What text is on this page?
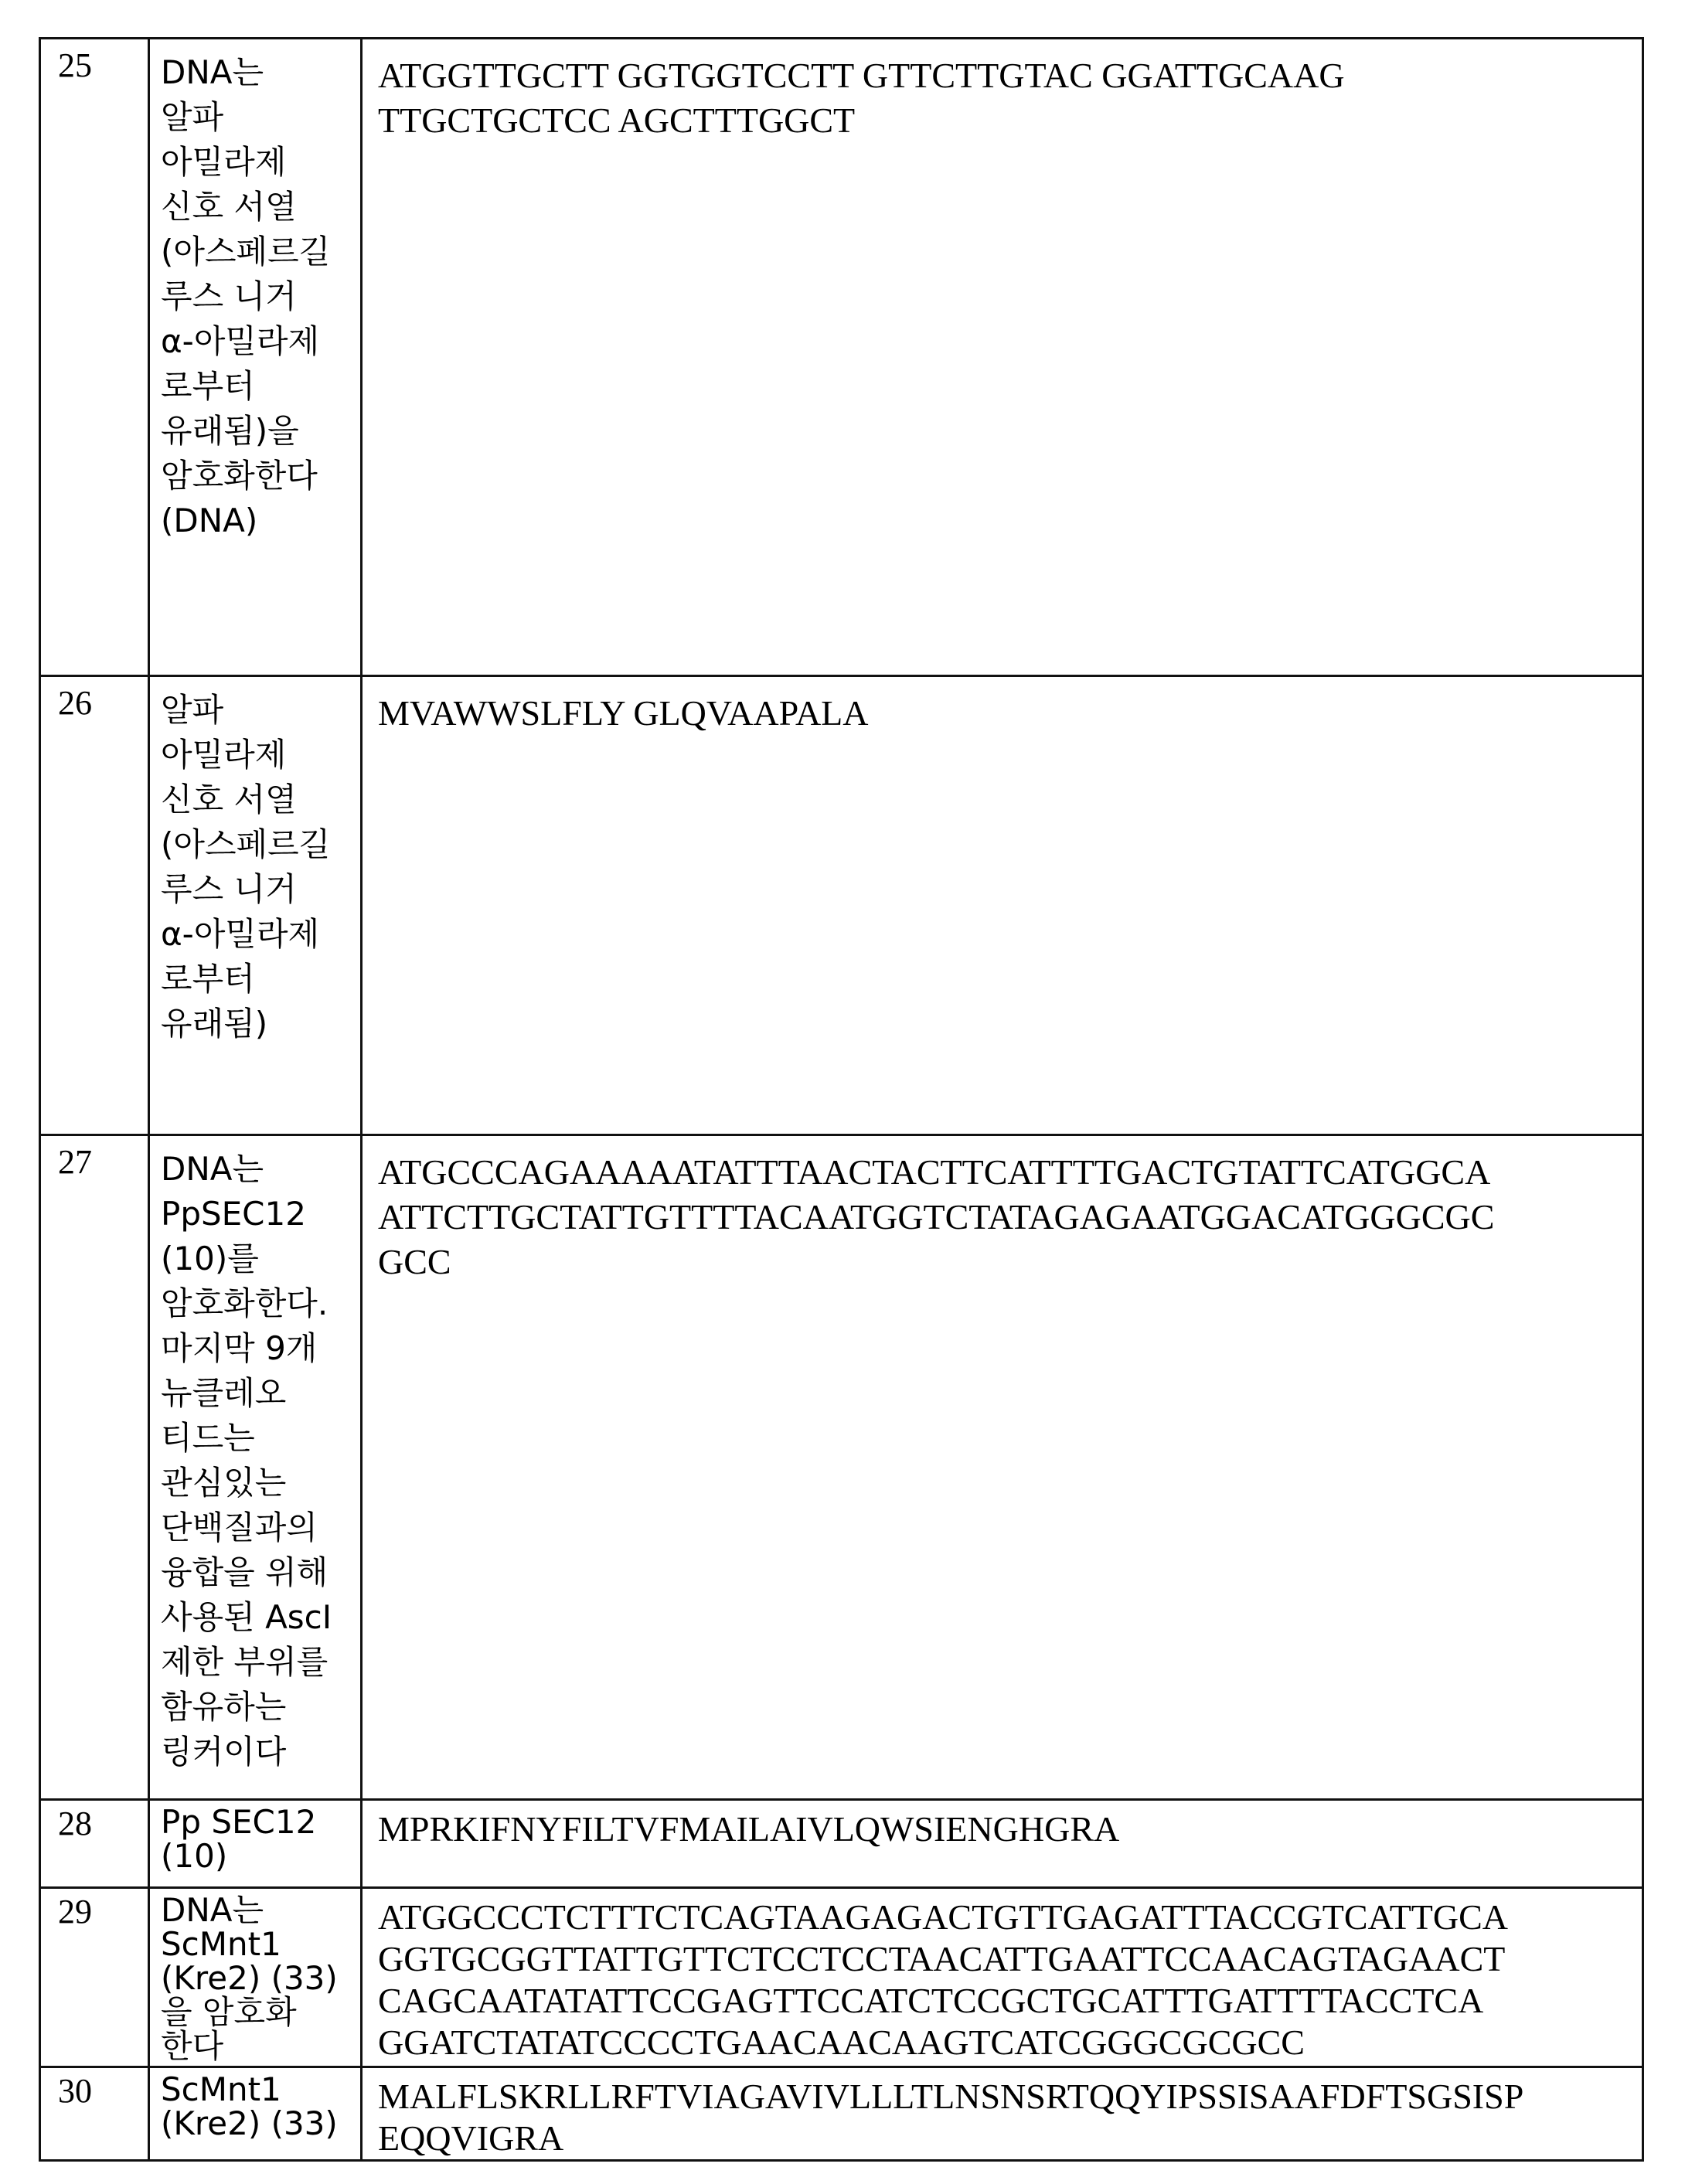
25	DNA는
알파
아밀라제
신호 서열
(아스페르길
루스 니거
α-아밀라제
로부터
유래됨)을
암호화한다
(DNA)	
ATGGTTGCTT GGTGGTCCTT GTTCTTGTAC GGATTGCAAG
TTGCTGCTCC AGCTTTGGCT

26	알파
아밀라제
신호 서열
(아스페르길
루스 니거
α-아밀라제
로부터
유래됨)	
MVAWWSLFLY GLQVAAPALA

27	DNA는
PpSEC12
(10)를
암호화한다.
마지막 9개
뉴클레오
티드는
관심있는
단백질과의
융합을 위해
사용된 AscI
제한 부위를
함유하는
링커이다	
ATGCCCAGAAAAATATTTAACTACTTCATTTTGACTGTATTCATGGCA
ATTCTTGCTATTGTTTTACAATGGTCTATAGAGAATGGACATGGGCGC
GCC

28	Pp SEC12
(10)	
MPRKIFNYFILTVFMAILAIVLQWSIENGHGRA

29	DNA는
ScMnt1
(Kre2) (33)
을 암호화
한다	
ATGGCCCTCTTTCTCAGTAAGAGACTGTTGAGATTTACCGTCATTGCA
GGTGCGGTTATTGTTCTCCTCCTAACATTGAATTCCAACAGTAGAACT
CAGCAATATATTCCGAGTTCCATCTCCGCTGCATTTGATTTTACCTCA
GGATCTATATCCCCTGAACAACAAGTCATCGGGCGCGCC

30	ScMnt1
(Kre2) (33)	
MALFLSKRLLRFTVIAGAVIVLLLTLNSNSRTQQYIPSSISAAFDFTSGSISP
EQQVIGRA
